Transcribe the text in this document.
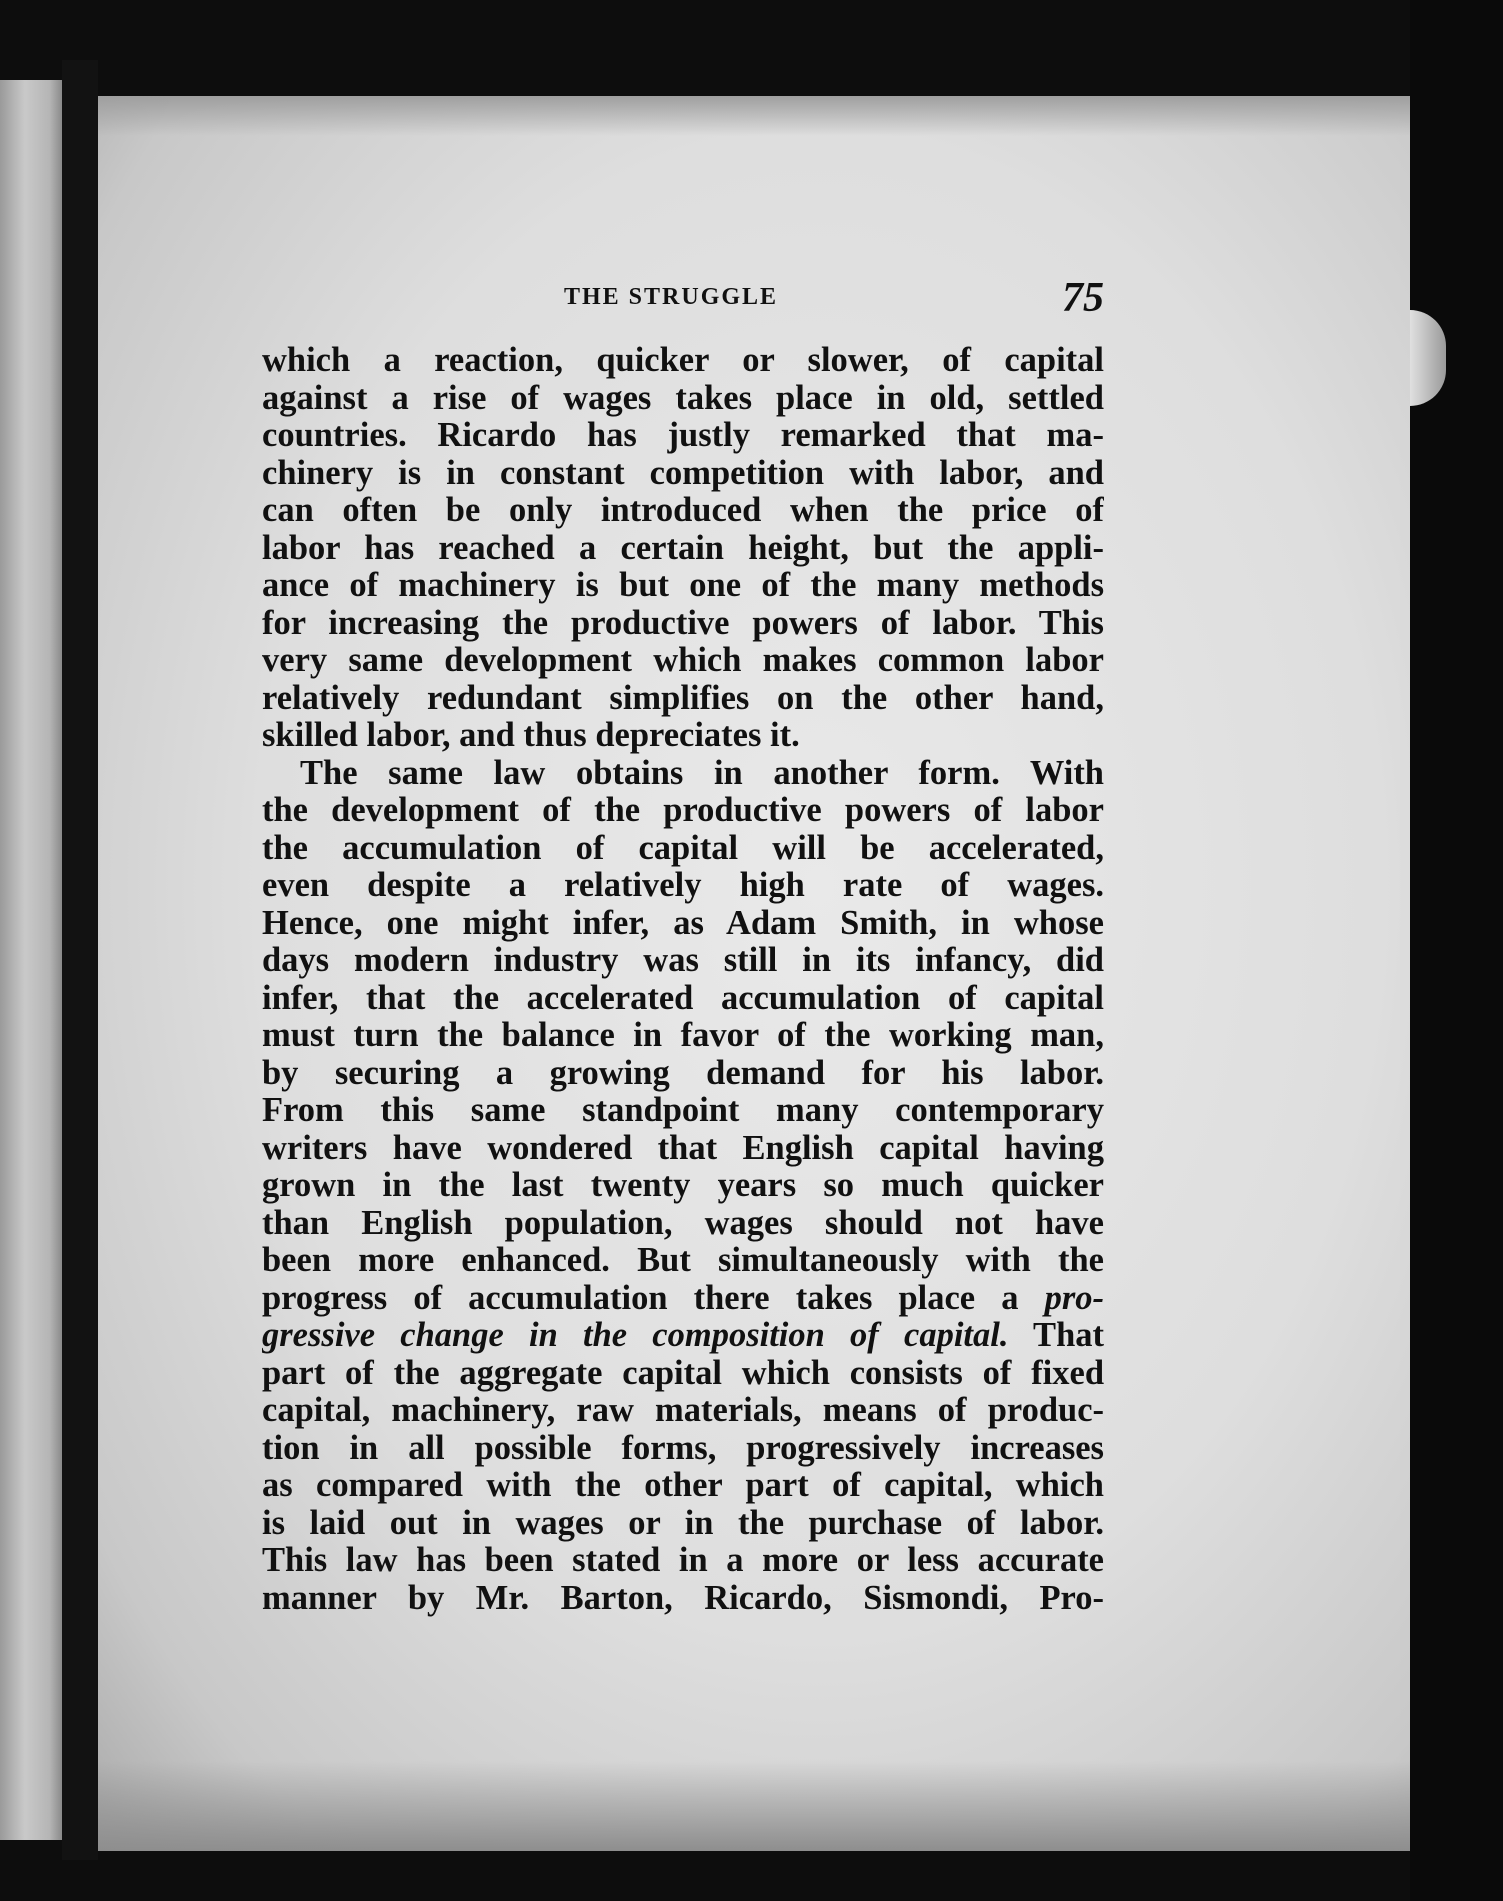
THE STRUGGLE	75
which a reaction, quicker or slower, of capital
against a rise of wages takes place in old, settled
countries. Ricardo has justly remarked that ma-
chinery is in constant competition with labor, and
can often be only introduced when the price of
labor has reached a certain height, but the appli-
ance of machinery is but one of the many methods
for increasing the productive powers of labor. This
very same development which makes common labor
relatively redundant simplifies on the other hand,
skilled labor, and thus depreciates it.
The same law obtains in another form. With
the development of the productive powers of labor
the accumulation of capital will be accelerated,
even despite a relatively high rate of wages.
Hence, one might infer, as Adam Smith, in whose
days modern industry was still in its infancy, did
infer, that the accelerated accumulation of capital
must turn the balance in favor of the working man,
by securing a growing demand for his labor.
From this same standpoint many contemporary
writers have wondered that English capital having
grown in the last twenty years so much quicker
than English population, wages should not have
been more enhanced. But simultaneously with the
progress of accumulation there takes place a pro-
gressive change in the composition of capital. That
part of the aggregate capital which consists of fixed
capital, machinery, raw materials, means of produc-
tion in all possible forms, progressively increases
as compared with the other part of capital, which
is laid out in wages or in the purchase of labor.
This law has been stated in a more or less accurate
manner by Mr. Barton, Ricardo, Sismondi, Pro-
